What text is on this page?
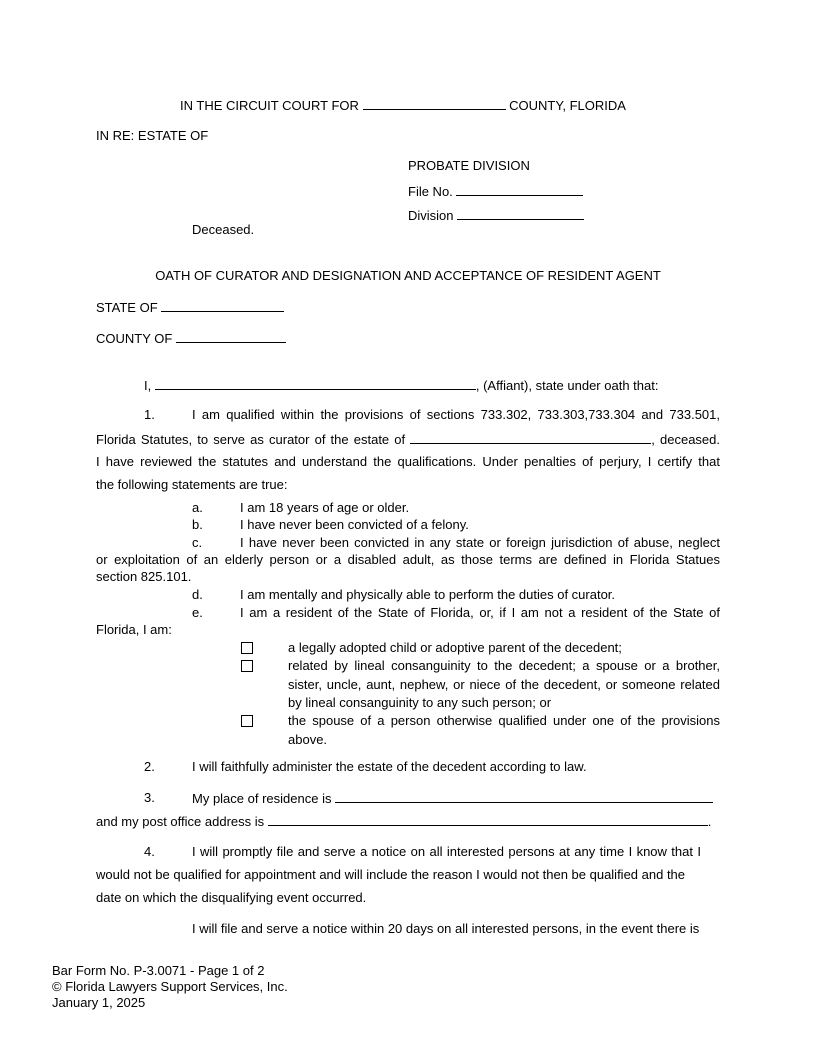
IN THE CIRCUIT COURT FOR	COUNTY, FLORIDA
IN RE: ESTATE OF
PROBATE DIVISION
File No.
Division
Deceased.
OATH OF CURATOR AND DESIGNATION AND ACCEPTANCE OF RESIDENT AGENT
STATE OF
COUNTY OF
I,	, (Affiant), state under oath that:
1.	I am qualified within the provisions of sections 733.302, 733.303,733.304 and 733.501,
Florida Statutes, to serve as curator of the estate of	, deceased.
I have reviewed the statutes and understand the qualifications. Under penalties of perjury, I certify that
the following statements are true:
a.	I am 18 years of age or older.
b.	I have never been convicted of a felony.
c.	I have never been convicted in any state or foreign jurisdiction of abuse, neglect
or exploitation of an elderly person or a disabled adult, as those terms are defined in Florida Statues
section 825.101.
d.	I am mentally and physically able to perform the duties of curator.
e.	I am a resident of the State of Florida, or, if I am not a resident of the State of
Florida, I am:
a legally adopted child or adoptive parent of the decedent;
related by lineal consanguinity to the decedent; a spouse or a brother, sister, uncle, aunt, nephew, or niece of the decedent, or someone related by lineal consanguinity to any such person; or
the spouse of a person otherwise qualified under one of the provisions above.
2.	I will faithfully administer the estate of the decedent according to law.
3.	My place of residence is
and my post office address is	.
4.	I will promptly file and serve a notice on all interested persons at any time I know that I
would not be qualified for appointment and will include the reason I would not then be qualified and the
date on which the disqualifying event occurred.
I will file and serve a notice within 20 days on all interested persons, in the event there is
Bar Form No. P-3.0071 - Page 1 of 2
© Florida Lawyers Support Services, Inc.
January 1, 2025
